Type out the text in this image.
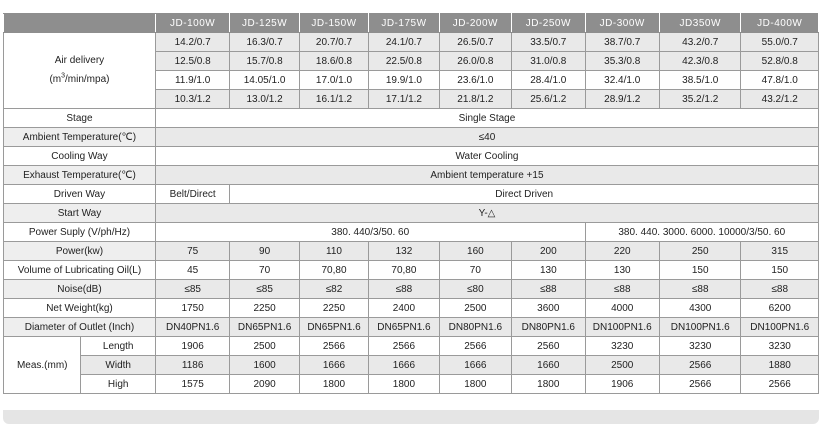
		JD-100W	JD-125W	JD-150W	JD-175W	JD-200W	JD-250W	JD-300W	JD350W	JD-400W
Air delivery
$(m^3/\min/mpa)$		14.2/0.7	16.3/0.7	20.7/0.7	24.1/0.7	26.5/0.7	33.5/0.7	38.7/0.7	43.2/0.7	55.0/0.7
		12.5/0.8	15.7/0.8	18.6/0.8	22.5/0.8	26.0/0.8	31.0/0.8	35.3/0.8	42.3/0.8	52.8/0.8
		11.9/1.0	14.05/1.0	17.0/1.0	19.9/1.0	23.6/1.0	28.4/1.0	32.4/1.0	38.5/1.0	47.8/1.0
		10.3/1.2	13.0/1.2	16.1/1.2	17.1/1.2	21.8/1.2	25.6/1.2	28.9/1.2	35.2/1.2	43.2/1.2
Stage		Single Stage								
Ambient Temperature(℃)		≤40								
Cooling Way		Water Cooling								
Exhaust Temperature(℃)		Ambient temperature +15								
Driven Way		Belt/Direct	Direct Driven							
Start Way		Y-△								
Power Suply (V/ph/Hz)		380. 440/3/50. 60						380. 440. 3000. 6000. 10000/3/50. 60		
Power(kw)		75	90	110	132	160	200	220	250	315
Volume of Lubricating Oil(L)		45	70	70,80	70,80	70	130	130	150	150
Noise(dB)		≤85	≤85	≤82	≤88	≤80	≤88	≤88	≤88	≤88
Net Weight(kg)		1750	2250	2250	2400	2500	3600	4000	4300	6200
Diameter of Outlet (Inch)		DN40PN1.6	DN65PN1.6	DN65PN1.6	DN65PN1.6	DN80PN1.6	DN80PN1.6	DN100PN1.6	DN100PN1.6	DN100PN1.6
Meas.(mm)	Length	1906	2500	2566	2566	2566	2560	3230	3230	3230
	Width	1186	1600	1666	1666	1666	1660	2500	2566	1880
	High	1575	2090	1800	1800	1800	1800	1906	2566	2566
